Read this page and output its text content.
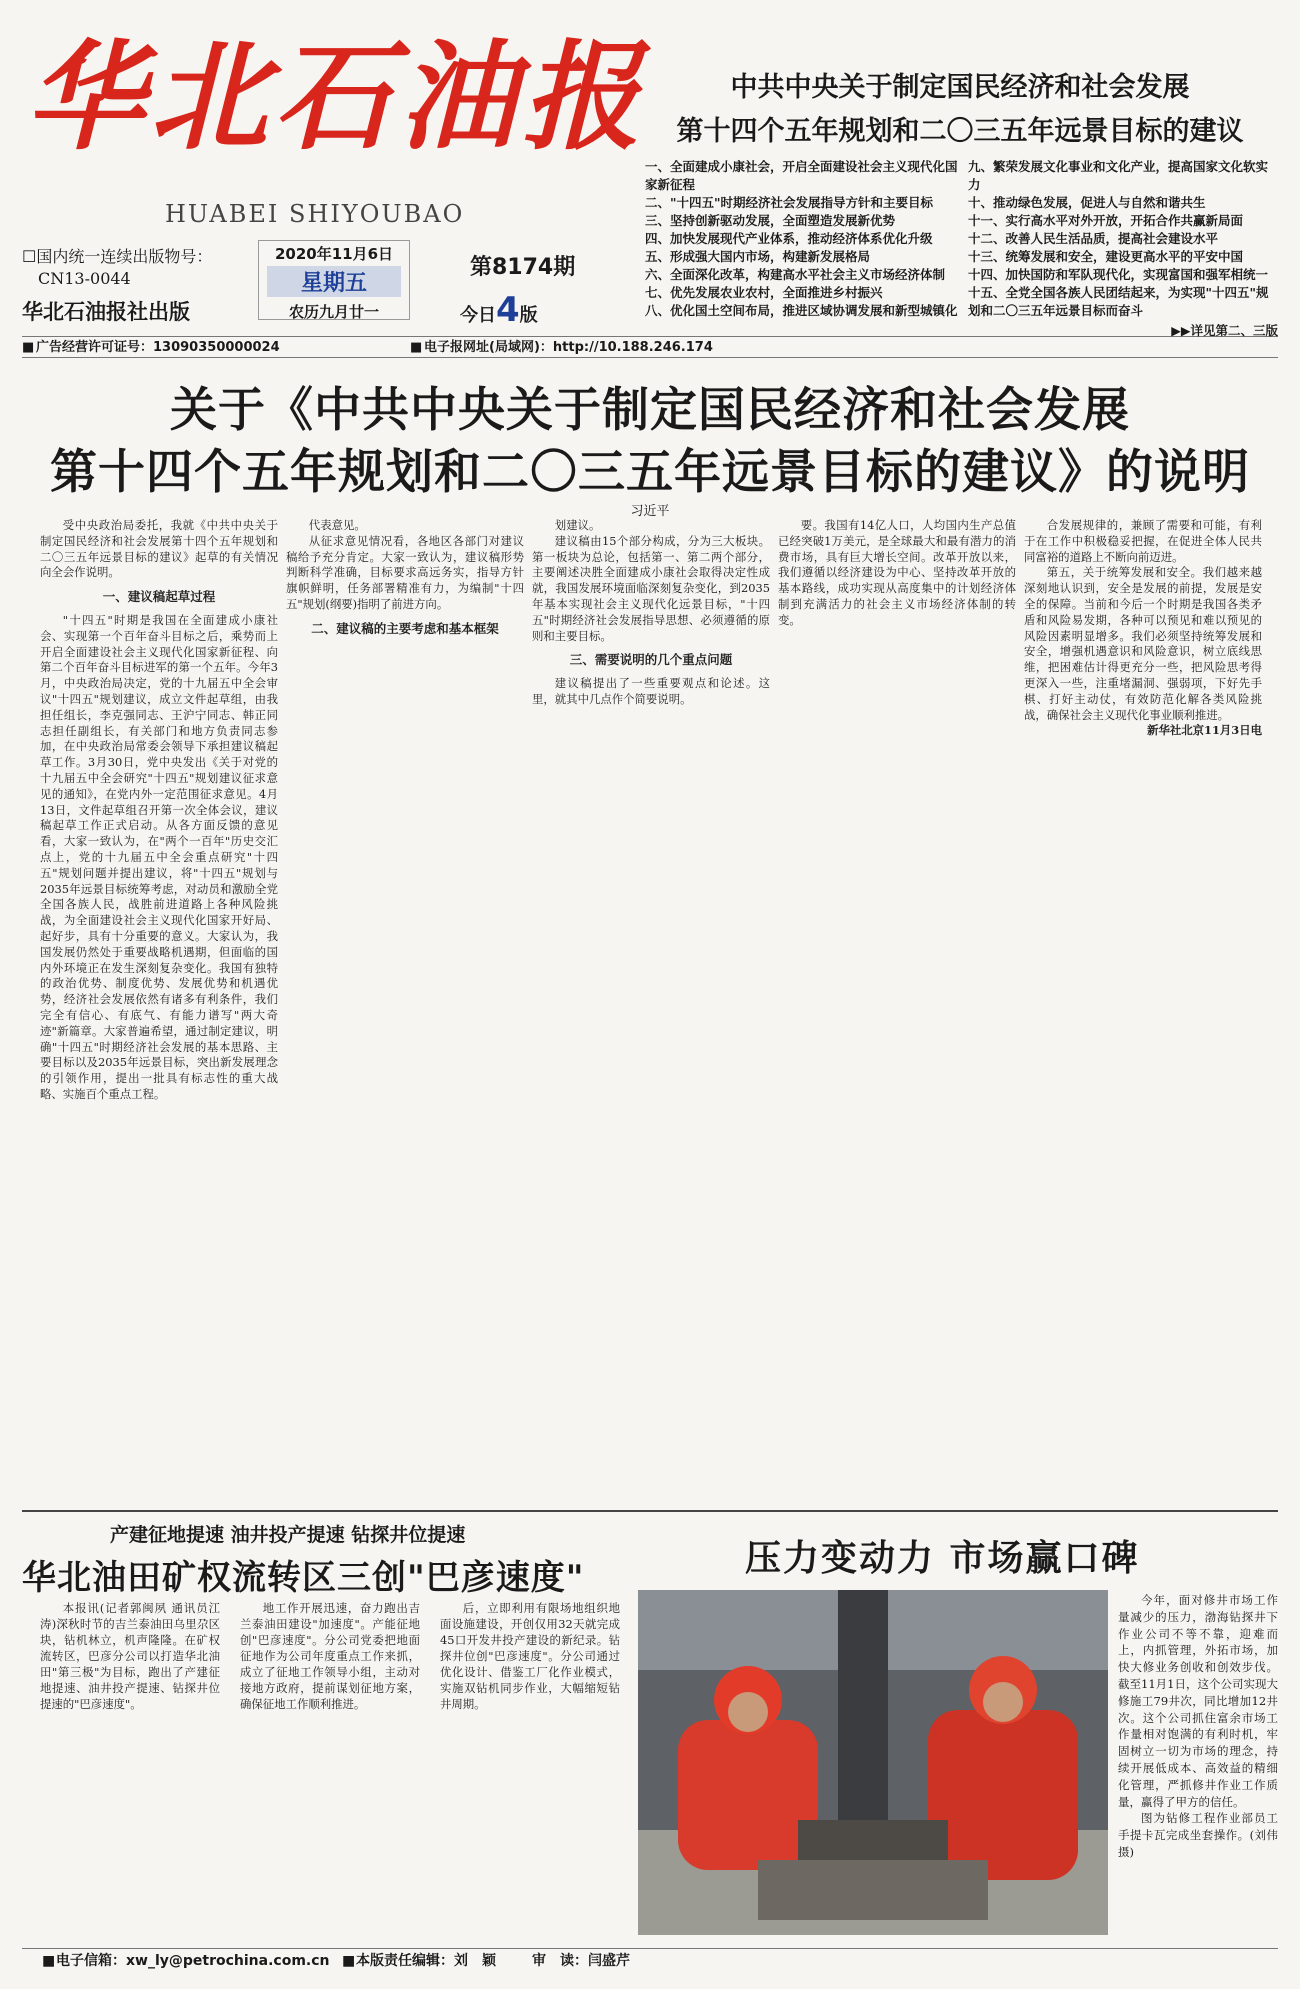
华北石油报
HUABEI SHIYOUBAO
☐国内统一连续出版物号：
CN13-0044
华北石油报社出版
2020年11月6日
星期五
农历九月廿一
第8174期
今日4版
■ 广告经营许可证号：13090350000024	■ 电子报网址(局域网)：http://10.188.246.174
中共中央关于制定国民经济和社会发展
第十四个五年规划和二〇三五年远景目标的建议
一、全面建成小康社会，开启全面建设社会主义现代化国家新征程
二、"十四五"时期经济社会发展指导方针和主要目标
三、坚持创新驱动发展，全面塑造发展新优势
四、加快发展现代产业体系，推动经济体系优化升级
五、形成强大国内市场，构建新发展格局
六、全面深化改革，构建高水平社会主义市场经济体制
七、优先发展农业农村，全面推进乡村振兴
八、优化国土空间布局，推进区域协调发展和新型城镇化
九、繁荣发展文化事业和文化产业，提高国家文化软实力
十、推动绿色发展，促进人与自然和谐共生
十一、实行高水平对外开放，开拓合作共赢新局面
十二、改善人民生活品质，提高社会建设水平
十三、统筹发展和安全，建设更高水平的平安中国
十四、加快国防和军队现代化，实现富国和强军相统一
十五、全党全国各族人民团结起来，为实现"十四五"规划和二〇三五年远景目标而奋斗
▶▶详见第二、三版
关于《中共中央关于制定国民经济和社会发展
第十四个五年规划和二〇三五年远景目标的建议》的说明
习近平

受中央政治局委托，我就《中共中央关于制定国民经济和社会发展第十四个五年规划和二〇三五年远景目标的建议》起草的有关情况向全会作说明。

一、建议稿起草过程

"十四五"时期是我国在全面建成小康社会、实现第一个百年奋斗目标之后，乘势而上开启全面建设社会主义现代化国家新征程、向第二个百年奋斗目标进军的第一个五年。今年3月，中央政治局决定，党的十九届五中全会审议"十四五"规划建议，成立文件起草组，由我担任组长，李克强同志、王沪宁同志、韩正同志担任副组长，有关部门和地方负责同志参加，在中央政治局常委会领导下承担建议稿起草工作。3月30日，党中央发出《关于对党的十九届五中全会研究"十四五"规划建议征求意见的通知》，在党内外一定范围征求意见。4月13日，文件起草组召开第一次全体会议，建议稿起草工作正式启动。从各方面反馈的意见看，大家一致认为，在"两个一百年"历史交汇点上，党的十九届五中全会重点研究"十四五"规划问题并提出建议，将"十四五"规划与2035年远景目标统筹考虑，对动员和激励全党全国各族人民，战胜前进道路上各种风险挑战，为全面建设社会主义现代化国家开好局、起好步，具有十分重要的意义。大家认为，我国发展仍然处于重要战略机遇期，但面临的国内外环境正在发生深刻复杂变化。我国有独特的政治优势、制度优势、发展优势和机遇优势，经济社会发展依然有诸多有利条件，我们完全有信心、有底气、有能力谱写"两大奇迹"新篇章。大家普遍希望，通过制定建议，明确"十四五"时期经济社会发展的基本思路、主要目标以及2035年远景目标，突出新发展理念的引领作用，提出一批具有标志性的重大战略、实施百个重点工程。

代表意见。

从征求意见情况看，各地区各部门对建议稿给予充分肯定。大家一致认为，建议稿形势判断科学准确，目标要求高远务实，指导方针旗帜鲜明，任务部署精准有力，为编制"十四五"规划(纲要)指明了前进方向。

二、建议稿的主要考虑和基本框架

划建议。

建议稿由15个部分构成，分为三大板块。第一板块为总论，包括第一、第二两个部分，主要阐述决胜全面建成小康社会取得决定性成就，我国发展环境面临深刻复杂变化，到2035年基本实现社会主义现代化远景目标，"十四五"时期经济社会发展指导思想、必须遵循的原则和主要目标。

三、需要说明的几个重点问题

建议稿提出了一些重要观点和论述。这里，就其中几点作个简要说明。

要。我国有14亿人口，人均国内生产总值已经突破1万美元，是全球最大和最有潜力的消费市场，具有巨大增长空间。改革开放以来，我们遵循以经济建设为中心、坚持改革开放的基本路线，成功实现从高度集中的计划经济体制到充满活力的社会主义市场经济体制的转变。

合发展规律的，兼顾了需要和可能，有利于在工作中积极稳妥把握，在促进全体人民共同富裕的道路上不断向前迈进。

第五，关于统筹发展和安全。我们越来越深刻地认识到，安全是发展的前提，发展是安全的保障。当前和今后一个时期是我国各类矛盾和风险易发期，各种可以预见和难以预见的风险因素明显增多。我们必须坚持统筹发展和安全，增强机遇意识和风险意识，树立底线思维，把困难估计得更充分一些，把风险思考得更深入一些，注重堵漏洞、强弱项，下好先手棋、打好主动仗，有效防范化解各类风险挑战，确保社会主义现代化事业顺利推进。

新华社北京11月3日电

产建征地提速 油井投产提速 钻探井位提速
华北油田矿权流转区三创"巴彦速度"

本报讯(记者郭闽夙 通讯员江涛)深秋时节的吉兰泰油田乌里尕区块，钻机林立，机声隆隆。在矿权流转区，巴彦分公司以打造华北油田"第三极"为目标，跑出了产建征地提速、油井投产提速、钻探井位提速的"巴彦速度"。

地工作开展迅速，奋力跑出吉兰泰油田建设"加速度"。产能征地创"巴彦速度"。分公司党委把地面征地作为公司年度重点工作来抓，成立了征地工作领导小组，主动对接地方政府，提前谋划征地方案，确保征地工作顺利推进。

后，立即利用有限场地组织地面设施建设，开创仅用32天就完成45口开发井投产建设的新纪录。钻探井位创"巴彦速度"。分公司通过优化设计、借鉴工厂化作业模式，实施双钻机同步作业，大幅缩短钻井周期。

压力变动力 市场赢口碑

今年，面对修井市场工作量减少的压力，渤海钻探井下作业公司不等不靠，迎难而上，内抓管理，外拓市场，加快大修业务创收和创效步伐。截至11月1日，这个公司实现大修施工79井次，同比增加12井次。这个公司抓住富余市场工作量相对饱满的有利时机，牢固树立一切为市场的理念，持续开展低成本、高效益的精细化管理，严抓修井作业工作质量，赢得了甲方的信任。

图为钻修工程作业部员工手提卡瓦完成坐套操作。(刘伟 摄)

■ 电子信箱：xw_ly@petrochina.com.cn ■ 本版责任编辑：刘　颖	审　读：闫盛芹
